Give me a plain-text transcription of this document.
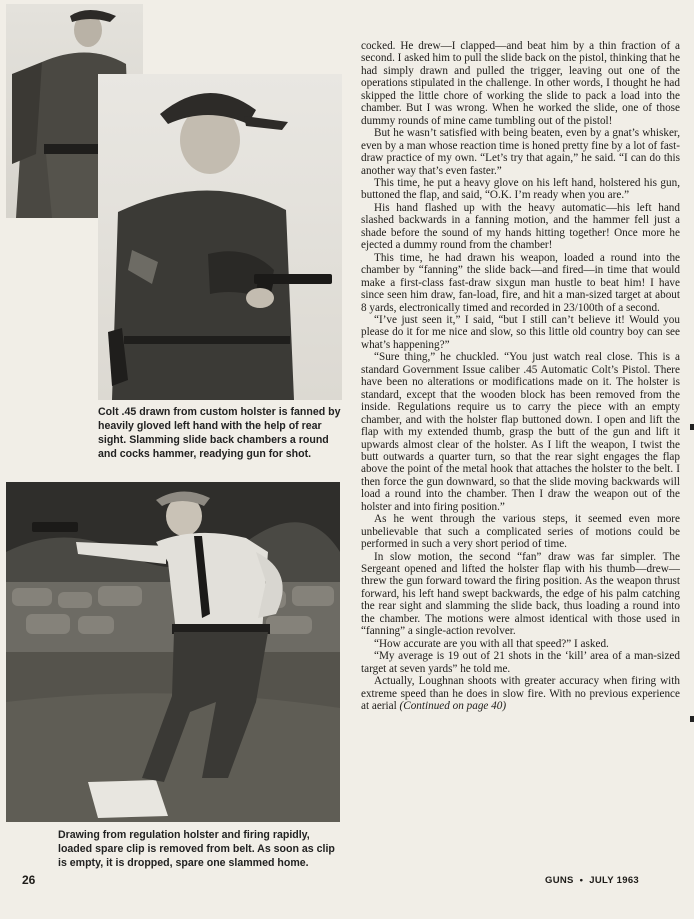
Colt .45 drawn from custom holster is fanned by heavily gloved left hand with the help of rear sight. Slamming slide back chambers a round and cocks hammer, readying gun for shot.
Drawing from regulation holster and firing rapidly, loaded spare clip is removed from belt. As soon as clip is empty, it is dropped, spare one slammed home.

cocked. He drew—I clapped—and beat him by a thin fraction of a second. I asked him to pull the slide back on the pistol, thinking that he had simply drawn and pulled the trigger, leaving out one of the operations stipulated in the challenge. In other words, I thought he had skipped the little chore of working the slide to pack a load into the chamber. But I was wrong. When he worked the slide, one of those dummy rounds of mine came tumbling out of the pistol!

But he wasn’t satisfied with being beaten, even by a gnat’s whisker, even by a man whose reaction time is honed pretty fine by a lot of fast-draw practice of my own. “Let’s try that again,” he said. “I can do this another way that’s even faster.”

This time, he put a heavy glove on his left hand, holstered his gun, buttoned the flap, and said, “O.K. I’m ready when you are.”

His hand flashed up with the heavy automatic—his left hand slashed backwards in a fanning motion, and the hammer fell just a shade before the sound of my hands hitting together! Once more he ejected a dummy round from the chamber!

This time, he had drawn his weapon, loaded a round into the chamber by “fanning” the slide back—and fired—in time that would make a first-class fast-draw sixgun man hustle to beat him! I have since seen him draw, fan-load, fire, and hit a man-sized target at about 8 yards, electronically timed and recorded in 23/100th of a second.

“I’ve just seen it,” I said, “but I still can’t believe it! Would you please do it for me nice and slow, so this little old country boy can see what’s happening?”

“Sure thing,” he chuckled. “You just watch real close. This is a standard Government Issue caliber .45 Automatic Colt’s Pistol. There have been no alterations or modifications made on it. The holster is standard, except that the wooden block has been removed from the inside. Regulations require us to carry the piece with an empty chamber, and with the holster flap buttoned down. I open and lift the flap with my extended thumb, grasp the butt of the gun and lift it upwards almost clear of the holster. As I lift the weapon, I twist the butt outwards a quarter turn, so that the rear sight engages the flap above the point of the metal hook that attaches the holster to the belt. I then force the gun downward, so that the slide moving backwards will load a round into the chamber. Then I draw the weapon out of the holster and into firing position.”

As he went through the various steps, it seemed even more unbelievable that such a complicated series of motions could be performed in such a very short period of time.

In slow motion, the second “fan” draw was far simpler. The Sergeant opened and lifted the holster flap with his thumb—drew—threw the gun forward toward the firing position. As the weapon thrust forward, his left hand swept backwards, the edge of his palm catching the rear sight and slamming the slide back, thus loading a round into the chamber. The motions were almost identical with those used in “fanning” a single-action revolver.

“How accurate are you with all that speed?” I asked.

“My average is 19 out of 21 shots in the ‘kill’ area of a man-sized target at seven yards” he told me.

Actually, Loughnan shoots with greater accuracy when firing with extreme speed than he does in slow fire. With no previous experience at aerial (Continued on page 40)

26	GUNS • JULY 1963
